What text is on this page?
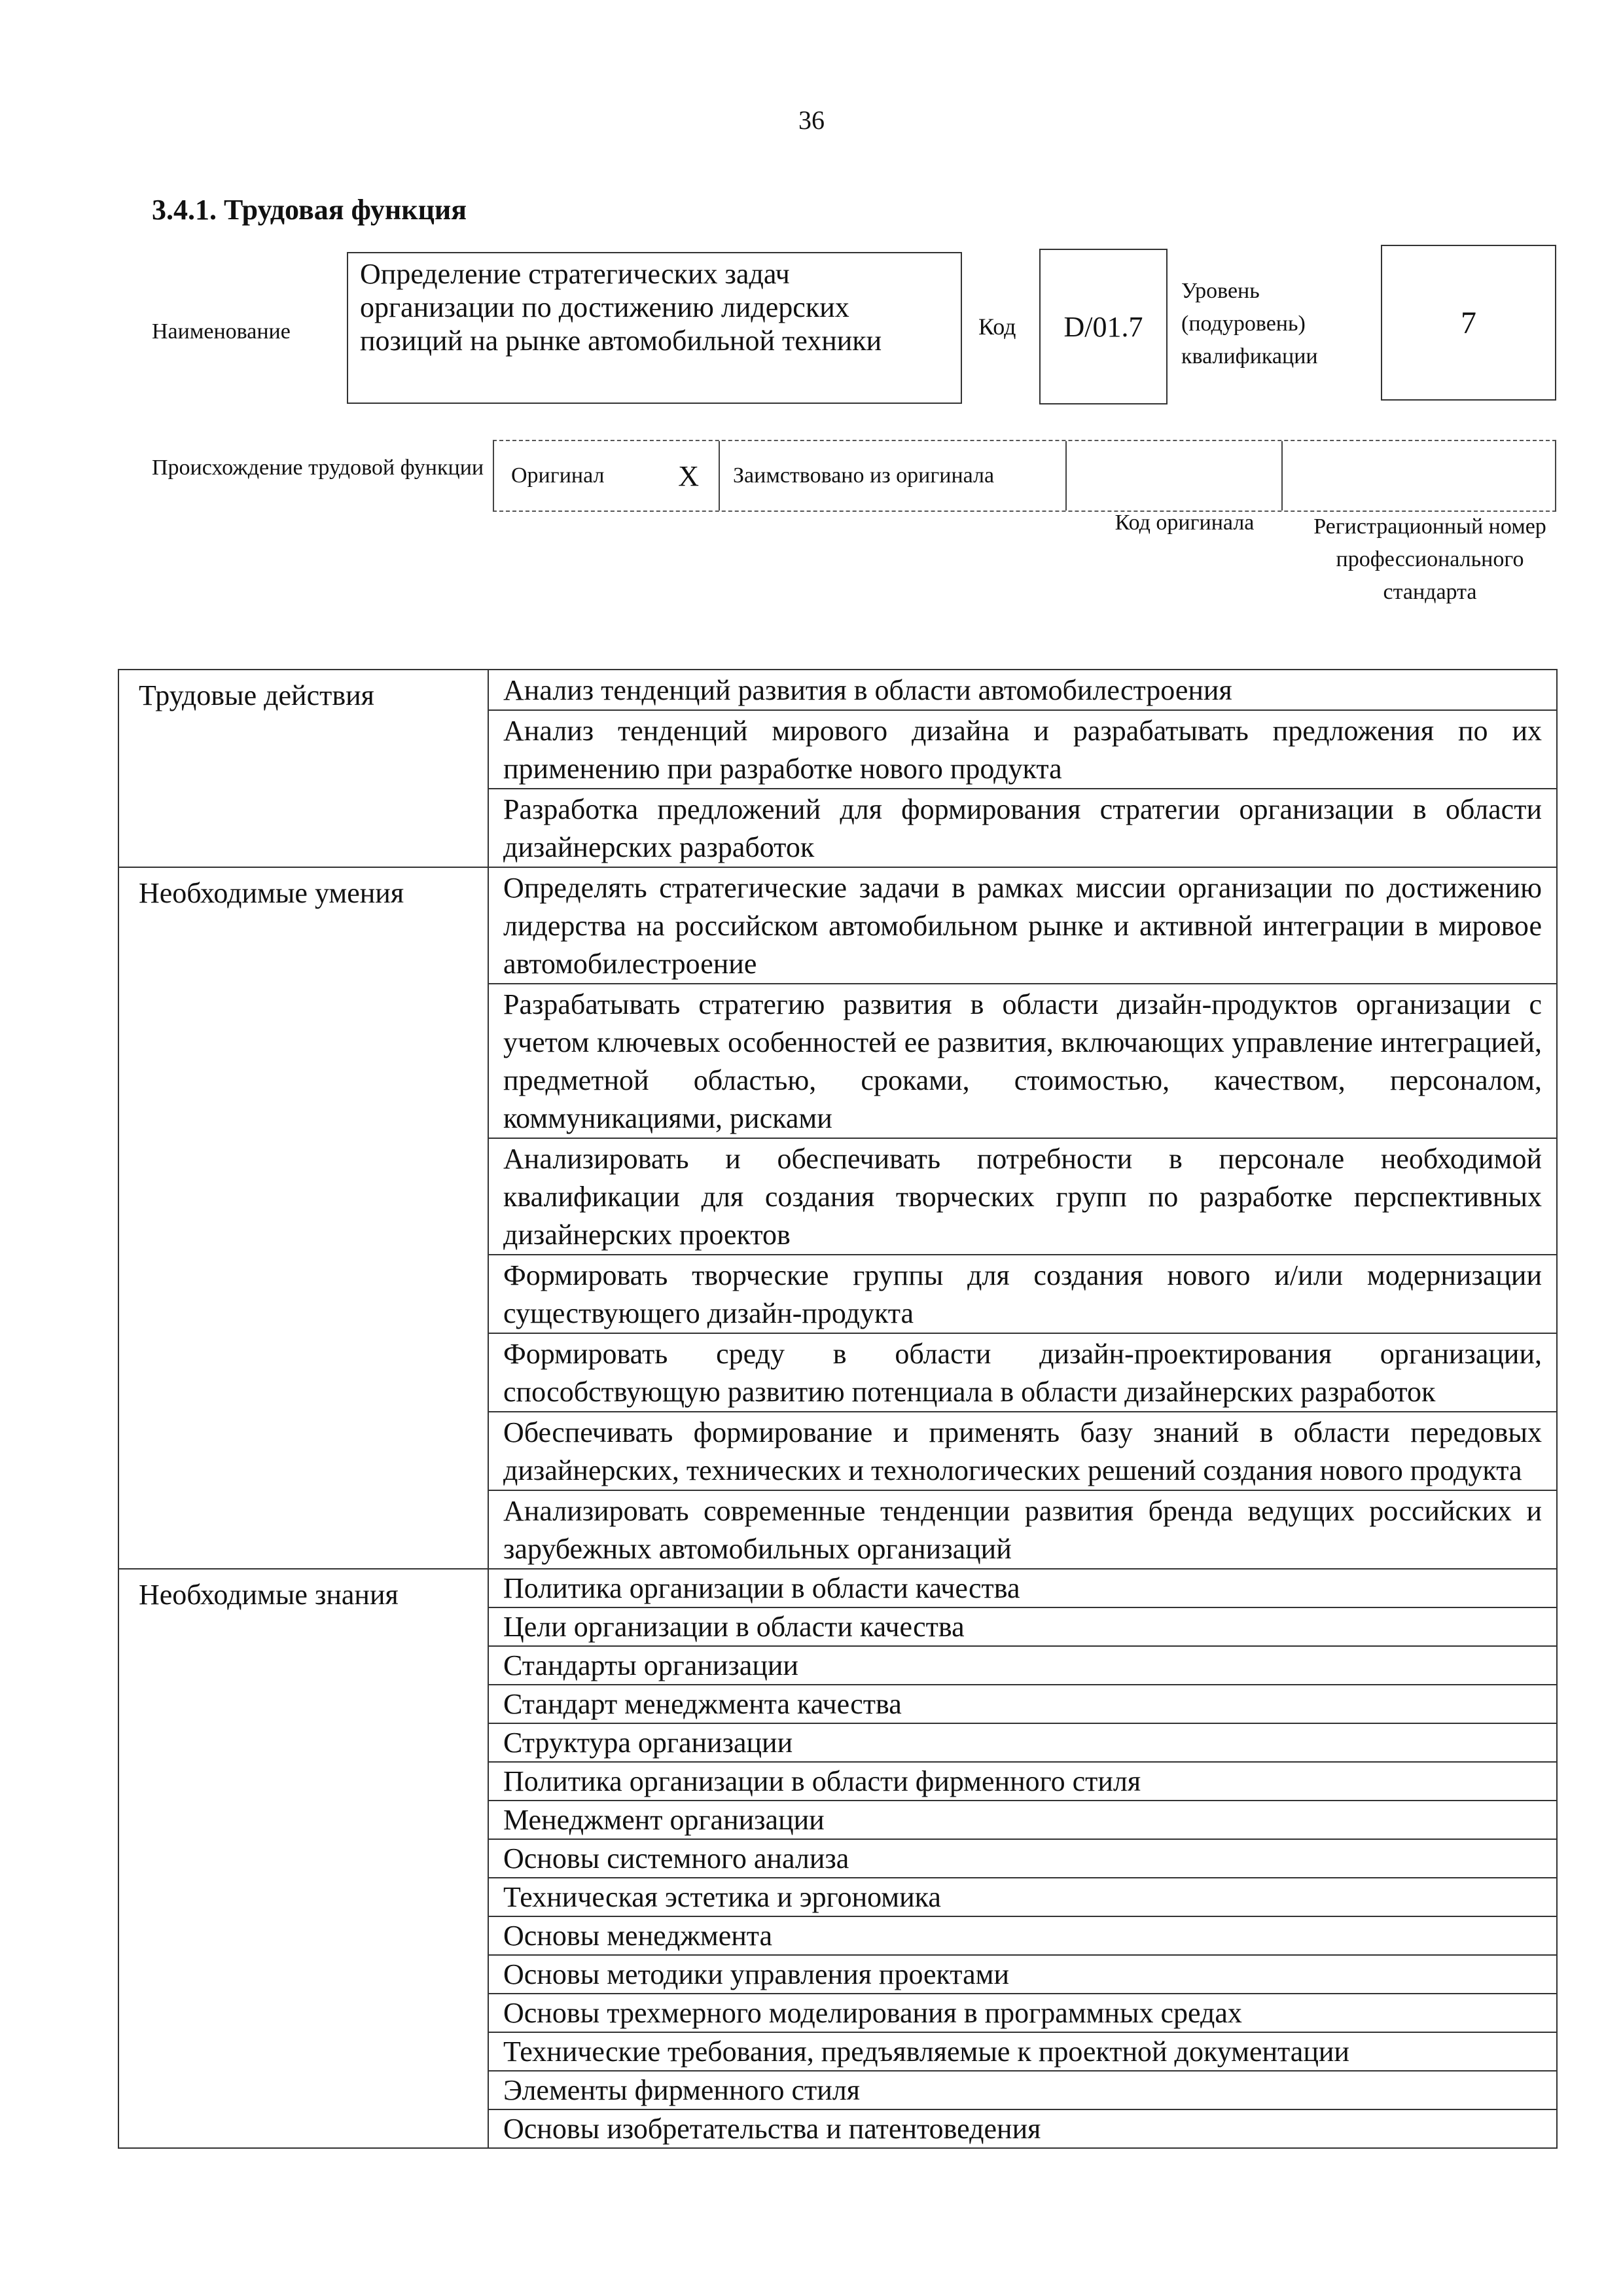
36
3.4.1. Трудовая функция
Наименование
Определение стратегических задач организации по достижению лидерских позиций на рынке автомобильной техники	Код	D/01.7
Уровень (подуровень) квалификации
7
Происхождение трудовой функции	Оригинал	X Заимствовано из оригинала
Код оригинала	Регистрационный номер профессионального стандарта
Трудовые действия	Анализ тенденций развития в области автомобилестроения
	Анализ тенденций мирового дизайна и разрабатывать предложения по их применению при разработке нового продукта
	Разработка предложений для формирования стратегии организации в области дизайнерских разработок
Необходимые умения	Определять стратегические задачи в рамках миссии организации по достижению лидерства на российском автомобильном рынке и активной интеграции в мировое автомобилестроение
	Разрабатывать стратегию развития в области дизайн-продуктов организации с учетом ключевых особенностей ее развития, включающих управление интеграцией, предметной областью, сроками, стоимостью, качеством, персоналом, коммуникациями, рисками
	Анализировать и обеспечивать потребности в персонале необходимой квалификации для создания творческих групп по разработке перспективных дизайнерских проектов
	Формировать творческие группы для создания нового и/или модернизации существующего дизайн-продукта
	Формировать среду в области дизайн-проектирования организации, способствующую развитию потенциала в области дизайнерских разработок
	Обеспечивать формирование и применять базу знаний в области передовых дизайнерских, технических и технологических решений создания нового продукта
	Анализировать современные тенденции развития бренда ведущих российских и зарубежных автомобильных организаций
Необходимые знания	Политика организации в области качества
	Цели организации в области качества
	Стандарты организации
	Стандарт менеджмента качества
	Структура организации
	Политика организации в области фирменного стиля
	Менеджмент организации
	Основы системного анализа
	Техническая эстетика и эргономика
	Основы менеджмента
	Основы методики управления проектами
	Основы трехмерного моделирования в программных средах
	Технические требования, предъявляемые к проектной документации
	Элементы фирменного стиля
	Основы изобретательства и патентоведения
